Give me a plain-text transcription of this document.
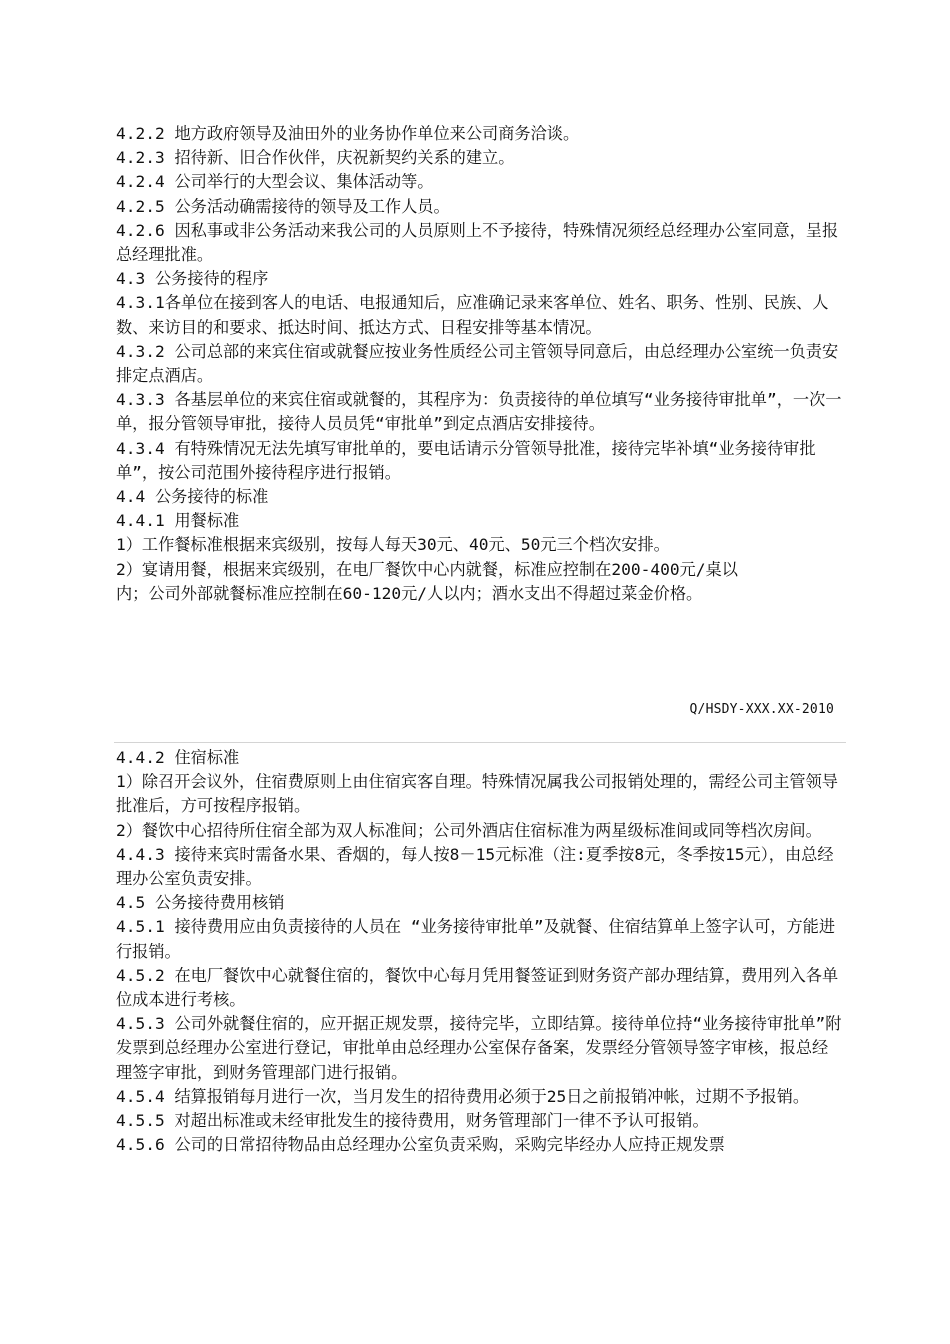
4.2.2 地方政府领导及油田外的业务协作单位来公司商务洽谈。

4.2.3 招待新、旧合作伙伴，庆祝新契约关系的建立。

4.2.4 公司举行的大型会议、集体活动等。

4.2.5 公务活动确需接待的领导及工作人员。

4.2.6 因私事或非公务活动来我公司的人员原则上不予接待，特殊情况须经总经理办公室同意，呈报总经理批准。

4.3 公务接待的程序

4.3.1各单位在接到客人的电话、电报通知后，应准确记录来客单位、姓名、职务、性别、民族、人数、来访目的和要求、抵达时间、抵达方式、日程安排等基本情况。

4.3.2 公司总部的来宾住宿或就餐应按业务性质经公司主管领导同意后，由总经理办公室统一负责安排定点酒店。

4.3.3 各基层单位的来宾住宿或就餐的，其程序为：负责接待的单位填写“业务接待审批单”，一次一单，报分管领导审批，接待人员员凭“审批单”到定点酒店安排接待。

4.3.4 有特殊情况无法先填写审批单的，要电话请示分管领导批准，接待完毕补填“业务接待审批单”，按公司范围外接待程序进行报销。

4.4 公务接待的标准

4.4.1 用餐标准

1）工作餐标准根据来宾级别，按每人每天30元、40元、50元三个档次安排。

2）宴请用餐，根据来宾级别，在电厂餐饮中心内就餐，标准应控制在200-400元/桌以

内；公司外部就餐标准应控制在60-120元/人以内；酒水支出不得超过菜金价格。

Q/HSDY-XXX.XX-2010

4.4.2 住宿标准

1）除召开会议外，住宿费原则上由住宿宾客自理。特殊情况属我公司报销处理的，需经公司主管领导批准后，方可按程序报销。

2）餐饮中心招待所住宿全部为双人标准间；公司外酒店住宿标准为两星级标准间或同等档次房间。

4.4.3 接待来宾时需备水果、香烟的，每人按8－15元标准（注:夏季按8元，冬季按15元），由总经理办公室负责安排。

4.5 公务接待费用核销

4.5.1 接待费用应由负责接待的人员在 “业务接待审批单”及就餐、住宿结算单上签字认可，方能进行报销。

4.5.2 在电厂餐饮中心就餐住宿的，餐饮中心每月凭用餐签证到财务资产部办理结算，费用列入各单位成本进行考核。

4.5.3 公司外就餐住宿的，应开据正规发票，接待完毕，立即结算。接待单位持“业务接待审批单”附发票到总经理办公室进行登记，审批单由总经理办公室保存备案，发票经分管领导签字审核，报总经理签字审批，到财务管理部门进行报销。

4.5.4 结算报销每月进行一次，当月发生的招待费用必须于25日之前报销冲帐，过期不予报销。

4.5.5 对超出标准或未经审批发生的接待费用，财务管理部门一律不予认可报销。

4.5.6 公司的日常招待物品由总经理办公室负责采购，采购完毕经办人应持正规发票
